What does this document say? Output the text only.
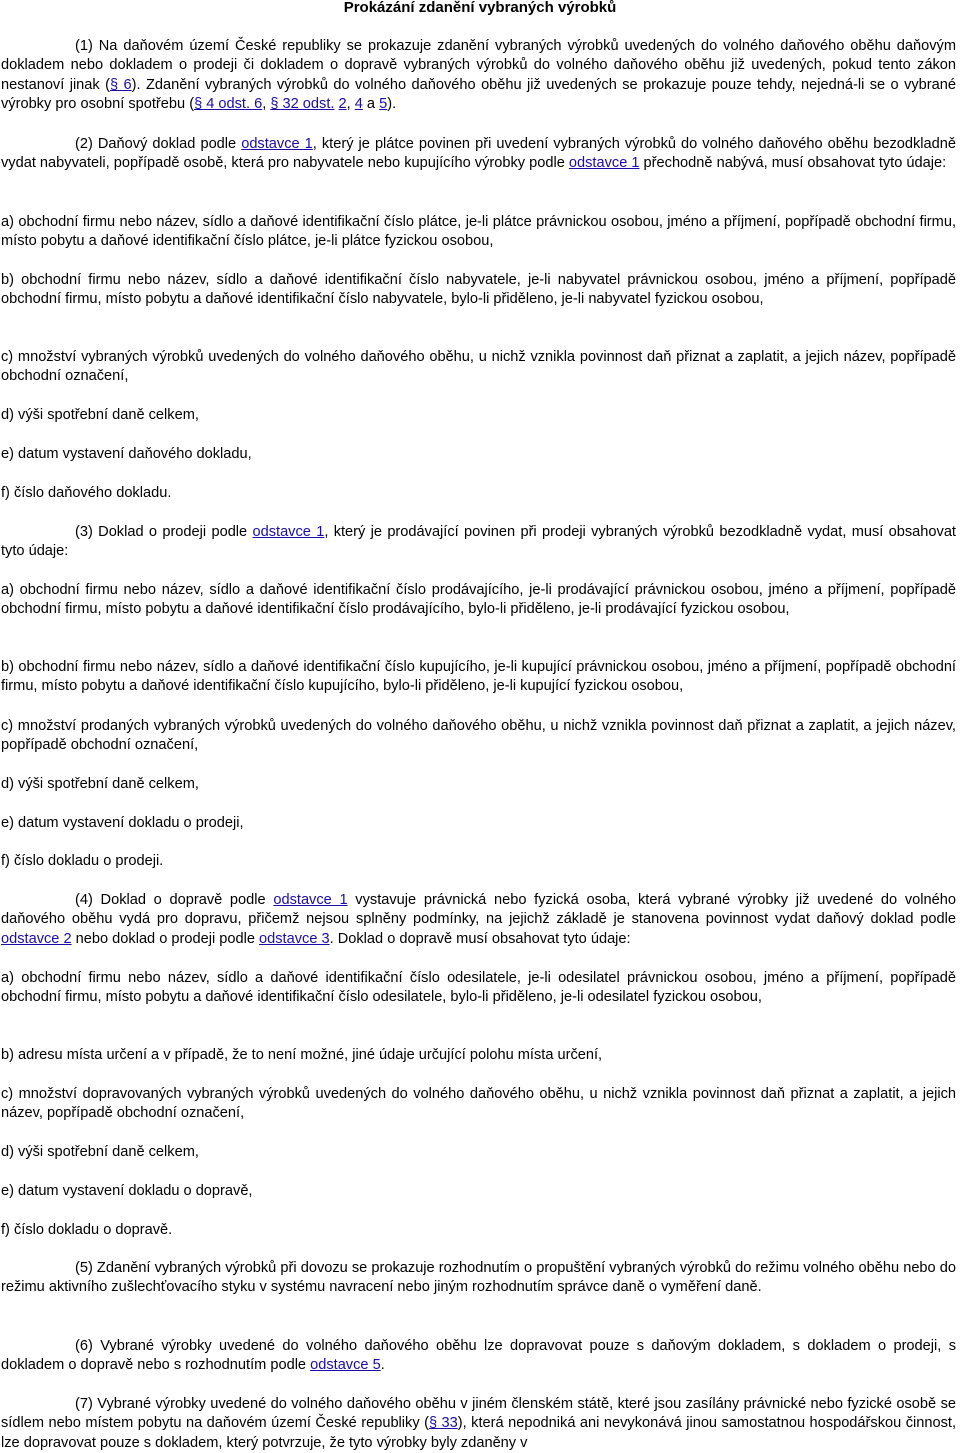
Prokázání zdanění vybraných výrobků

(1) Na daňovém území České republiky se prokazuje zdanění vybraných výrobků uvedených do volného daňového oběhu daňovým dokladem nebo dokladem o prodeji či dokladem o dopravě vybraných výrobků do volného daňového oběhu již uvedených, pokud tento zákon nestanoví jinak (§ 6). Zdanění vybraných výrobků do volného daňového oběhu již uvedených se prokazuje pouze tehdy, nejedná-li se o vybrané výrobky pro osobní spotřebu (§ 4 odst. 6, § 32 odst. 2, 4 a 5).

(2) Daňový doklad podle odstavce 1, který je plátce povinen při uvedení vybraných výrobků do volného daňového oběhu bezodkladně vydat nabyvateli, popřípadě osobě, která pro nabyvatele nebo kupujícího výrobky podle odstavce 1 přechodně nabývá, musí obsahovat tyto údaje:

a) obchodní firmu nebo název, sídlo a daňové identifikační číslo plátce, je-li plátce právnickou osobou, jméno a příjmení, popřípadě obchodní firmu, místo pobytu a daňové identifikační číslo plátce, je-li plátce fyzickou osobou,

b) obchodní firmu nebo název, sídlo a daňové identifikační číslo nabyvatele, je-li nabyvatel právnickou osobou, jméno a příjmení, popřípadě obchodní firmu, místo pobytu a daňové identifikační číslo nabyvatele, bylo-li přiděleno, je-li nabyvatel fyzickou osobou,

c) množství vybraných výrobků uvedených do volného daňového oběhu, u nichž vznikla povinnost daň přiznat a zaplatit, a jejich název, popřípadě obchodní označení,

d) výši spotřební daně celkem,

e) datum vystavení daňového dokladu,

f) číslo daňového dokladu.

(3) Doklad o prodeji podle odstavce 1, který je prodávající povinen při prodeji vybraných výrobků bezodkladně vydat, musí obsahovat tyto údaje:

a) obchodní firmu nebo název, sídlo a daňové identifikační číslo prodávajícího, je-li prodávající právnickou osobou, jméno a příjmení, popřípadě obchodní firmu, místo pobytu a daňové identifikační číslo prodávajícího, bylo-li přiděleno, je-li prodávající fyzickou osobou,

b) obchodní firmu nebo název, sídlo a daňové identifikační číslo kupujícího, je-li kupující právnickou osobou, jméno a příjmení, popřípadě obchodní firmu, místo pobytu a daňové identifikační číslo kupujícího, bylo-li přiděleno, je-li kupující fyzickou osobou,

c) množství prodaných vybraných výrobků uvedených do volného daňového oběhu, u nichž vznikla povinnost daň přiznat a zaplatit, a jejich název, popřípadě obchodní označení,

d) výši spotřební daně celkem,

e) datum vystavení dokladu o prodeji,

f) číslo dokladu o prodeji.

(4) Doklad o dopravě podle odstavce 1 vystavuje právnická nebo fyzická osoba, která vybrané výrobky již uvedené do volného daňového oběhu vydá pro dopravu, přičemž nejsou splněny podmínky, na jejichž základě je stanovena povinnost vydat daňový doklad podle odstavce 2 nebo doklad o prodeji podle odstavce 3. Doklad o dopravě musí obsahovat tyto údaje:

a) obchodní firmu nebo název, sídlo a daňové identifikační číslo odesilatele, je-li odesilatel právnickou osobou, jméno a příjmení, popřípadě obchodní firmu, místo pobytu a daňové identifikační číslo odesilatele, bylo-li přiděleno, je-li odesilatel fyzickou osobou,

b) adresu místa určení a v případě, že to není možné, jiné údaje určující polohu místa určení,

c) množství dopravovaných vybraných výrobků uvedených do volného daňového oběhu, u nichž vznikla povinnost daň přiznat a zaplatit, a jejich název, popřípadě obchodní označení,

d) výši spotřební daně celkem,

e) datum vystavení dokladu o dopravě,

f) číslo dokladu o dopravě.

(5) Zdanění vybraných výrobků při dovozu se prokazuje rozhodnutím o propuštění vybraných výrobků do režimu volného oběhu nebo do režimu aktivního zušlechťovacího styku v systému navracení nebo jiným rozhodnutím správce daně o vyměření daně.

(6) Vybrané výrobky uvedené do volného daňového oběhu lze dopravovat pouze s daňovým dokladem, s dokladem o prodeji, s dokladem o dopravě nebo s rozhodnutím podle odstavce 5.

(7) Vybrané výrobky uvedené do volného daňového oběhu v jiném členském státě, které jsou zasílány právnické nebo fyzické osobě se sídlem nebo místem pobytu na daňovém území České republiky (§ 33), která nepodniká ani nevykonává jinou samostatnou hospodářskou činnost, lze dopravovat pouze s dokladem, který potvrzuje, že tyto výrobky byly zdaněny v
